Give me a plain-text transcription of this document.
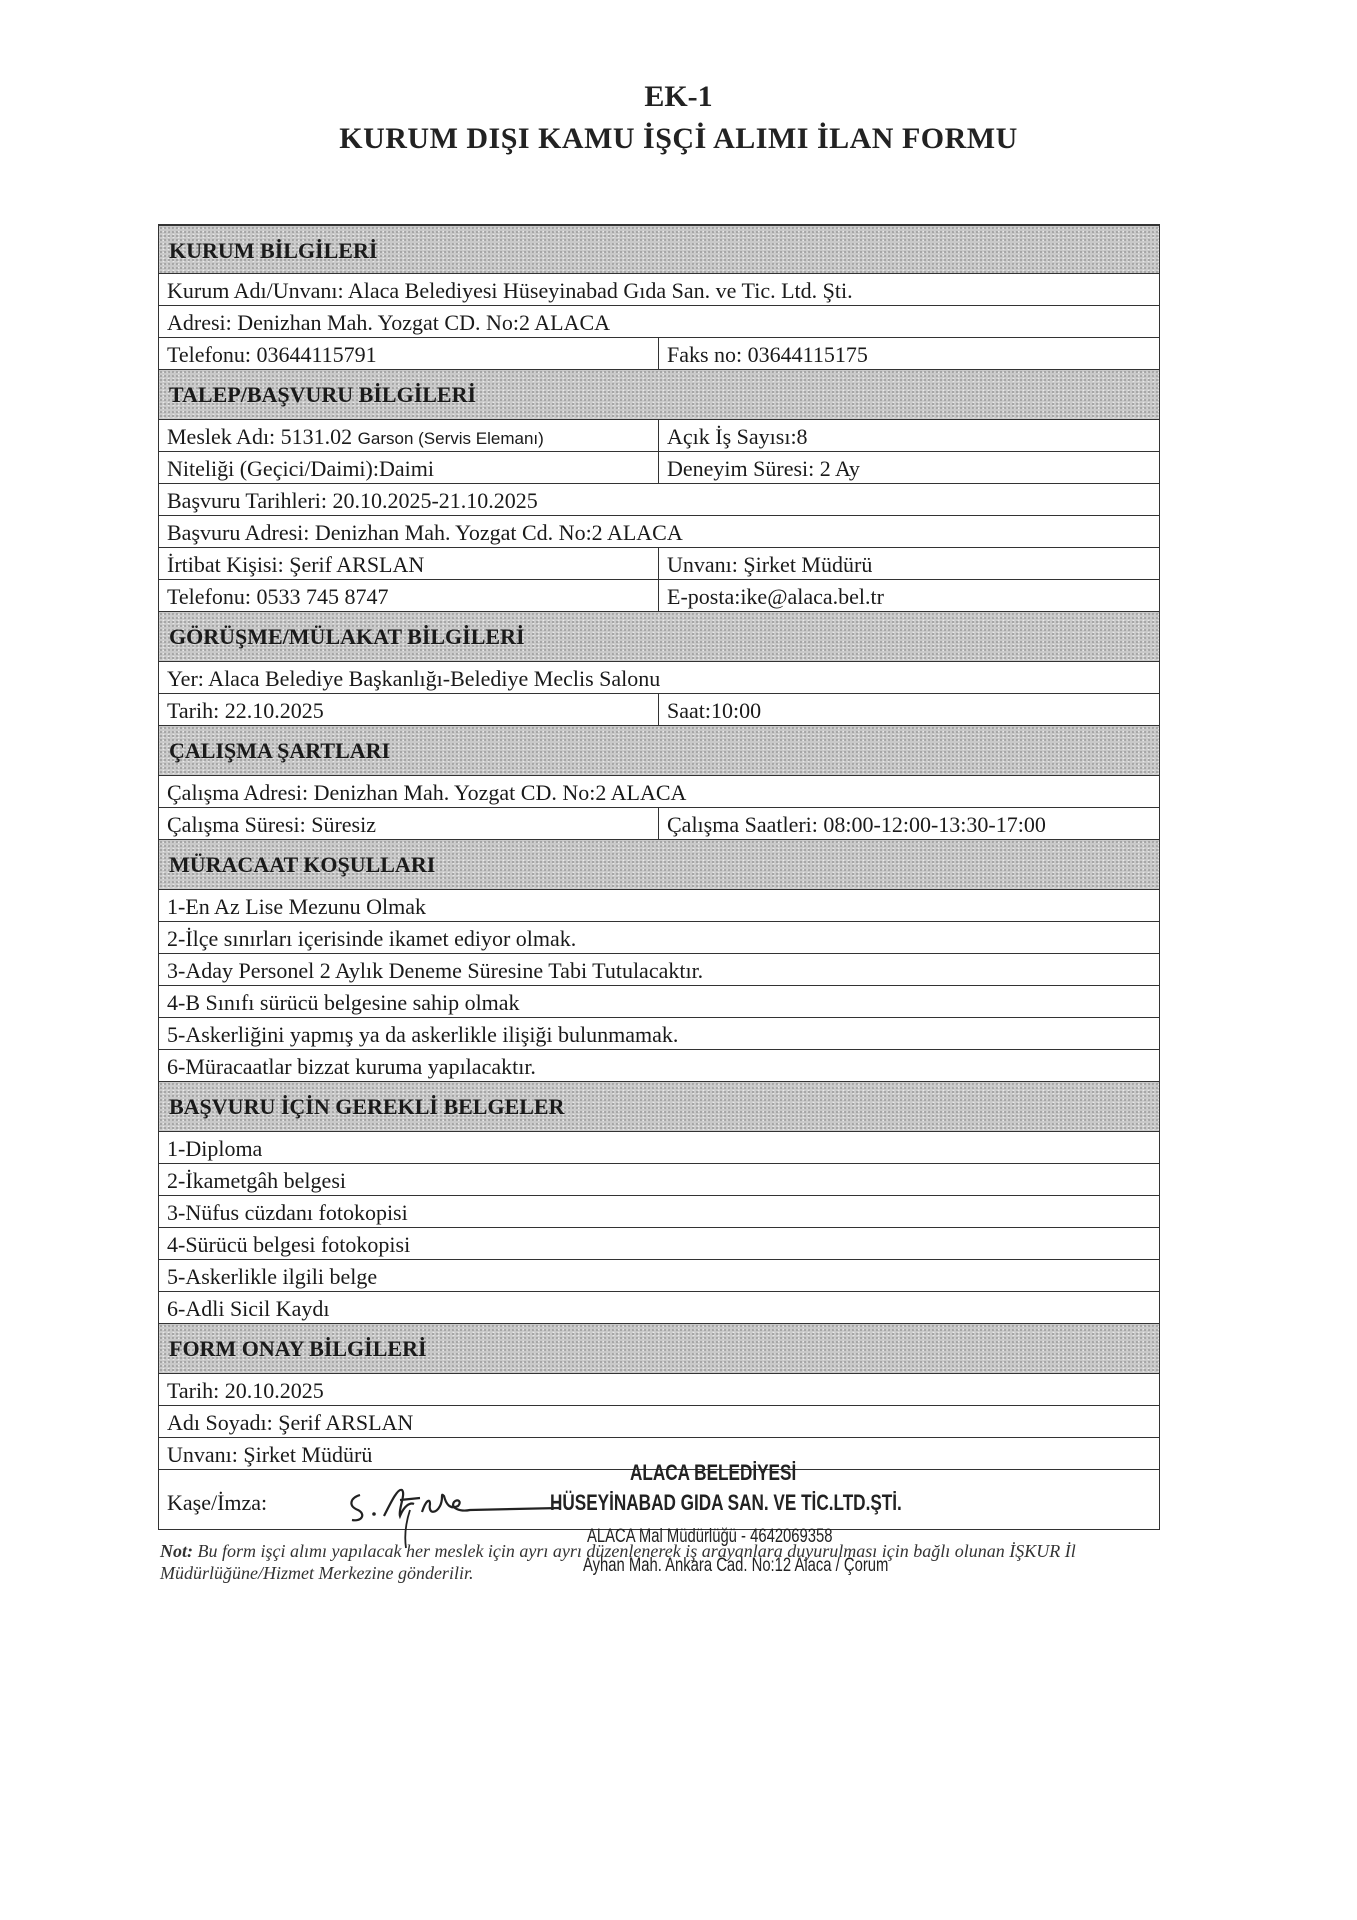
EK-1
KURUM DIŞI KAMU İŞÇİ ALIMI İLAN FORMU
KURUM BİLGİLERİ
Kurum Adı/Unvanı: Alaca Belediyesi Hüseyinabad Gıda San. ve Tic. Ltd. Şti.
Adresi: Denizhan Mah. Yozgat CD. No:2 ALACA
Telefonu: 03644115791	Faks no: 03644115175
TALEP/BAŞVURU BİLGİLERİ
Meslek Adı: 5131.02 Garson (Servis Elemanı)	Açık İş Sayısı:8
Niteliği (Geçici/Daimi):Daimi	Deneyim Süresi: 2 Ay
Başvuru Tarihleri: 20.10.2025-21.10.2025
Başvuru Adresi: Denizhan Mah. Yozgat Cd. No:2 ALACA
İrtibat Kişisi: Şerif ARSLAN	Unvanı: Şirket Müdürü
Telefonu: 0533 745 8747	E-posta:ike@alaca.bel.tr
GÖRÜŞME/MÜLAKAT BİLGİLERİ
Yer: Alaca Belediye Başkanlığı-Belediye Meclis Salonu
Tarih: 22.10.2025	Saat:10:00
ÇALIŞMA ŞARTLARI
Çalışma Adresi: Denizhan Mah. Yozgat CD. No:2 ALACA
Çalışma Süresi: Süresiz	Çalışma Saatleri: 08:00-12:00-13:30-17:00
MÜRACAAT KOŞULLARI
1-En Az Lise Mezunu Olmak
2-İlçe sınırları içerisinde ikamet ediyor olmak.
3-Aday Personel 2 Aylık Deneme Süresine Tabi Tutulacaktır.
4-B Sınıfı sürücü belgesine sahip olmak
5-Askerliğini yapmış ya da askerlikle ilişiği bulunmamak.
6-Müracaatlar bizzat kuruma yapılacaktır.
BAŞVURU İÇİN GEREKLİ BELGELER
1-Diploma
2-İkametgâh belgesi
3-Nüfus cüzdanı fotokopisi
4-Sürücü belgesi fotokopisi
5-Askerlikle ilgili belge
6-Adli Sicil Kaydı
FORM ONAY BİLGİLERİ
Tarih: 20.10.2025
Adı Soyadı: Şerif ARSLAN
Unvanı: Şirket Müdürü
Kaşe/İmza:
ALACA BELEDİYESİ
HÜSEYİNABAD GIDA SAN. VE TİC.LTD.ŞTİ.
ALACA Mal Müdürlüğü - 4642069358
Not: Bu form işçi alımı yapılacak her meslek için ayrı ayrı düzenlenerek iş arayanlara duyurulması için bağlı olunan İŞKUR İl Müdürlüğüne/Hizmet Merkezine gönderilir.	Ayhan Mah. Ankara Cad. No:12 Alaca / Çorum
